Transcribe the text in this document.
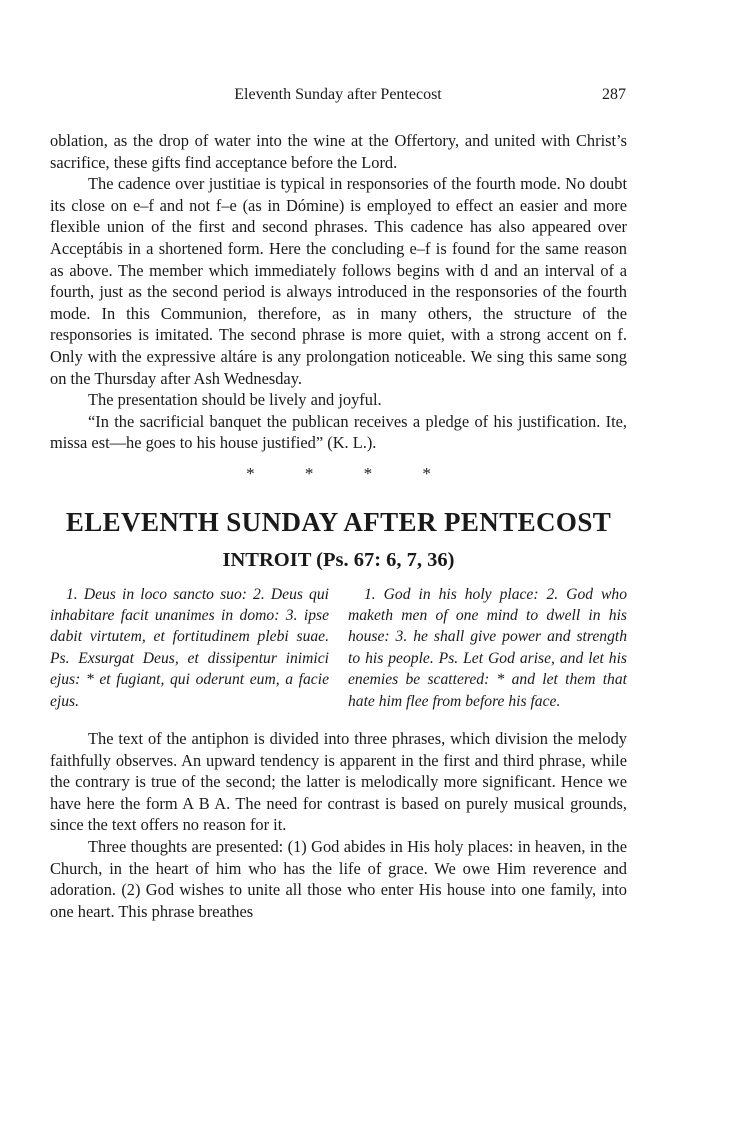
Eleventh Sunday after Pentecost	287

oblation, as the drop of water into the wine at the Offertory, and united with Christ’s sacrifice, these gifts find acceptance before the Lord.

The cadence over justitiae is typical in responsories of the fourth mode. No doubt its close on e–f and not f–e (as in Dómine) is employed to effect an easier and more flexible union of the first and second phrases. This cadence has also appeared over Acceptábis in a shortened form. Here the concluding e–f is found for the same reason as above. The member which immediately follows begins with d and an interval of a fourth, just as the second period is always introduced in the responsories of the fourth mode. In this Communion, therefore, as in many others, the structure of the responsories is imitated. The second phrase is more quiet, with a strong accent on f. Only with the expressive altáre is any prolongation noticeable. We sing this same song on the Thursday after Ash Wednesday.

The presentation should be lively and joyful.

“In the sacrificial banquet the publican receives a pledge of his justification. Ite, missa est—he goes to his house justified” (K. L.).

* * * *
ELEVENTH SUNDAY AFTER PENTECOST
INTROIT (Ps. 67: 6, 7, 36)

1. Deus in loco sancto suo: 2. Deus qui inhabitare facit unanimes in domo: 3. ipse dabit virtutem, et fortitudinem plebi suae. Ps. Exsurgat Deus, et dissipentur inimici ejus: * et fugiant, qui oderunt eum, a facie ejus.

1. God in his holy place: 2. God who maketh men of one mind to dwell in his house: 3. he shall give power and strength to his people. Ps. Let God arise, and let his enemies be scattered: * and let them that hate him flee from before his face.

The text of the antiphon is divided into three phrases, which division the melody faithfully observes. An upward tendency is apparent in the first and third phrase, while the contrary is true of the second; the latter is melodically more significant. Hence we have here the form A B A. The need for contrast is based on purely musical grounds, since the text offers no reason for it.

Three thoughts are presented: (1) God abides in His holy places: in heaven, in the Church, in the heart of him who has the life of grace. We owe Him reverence and adoration. (2) God wishes to unite all those who enter His house into one family, into one heart. This phrase breathes
